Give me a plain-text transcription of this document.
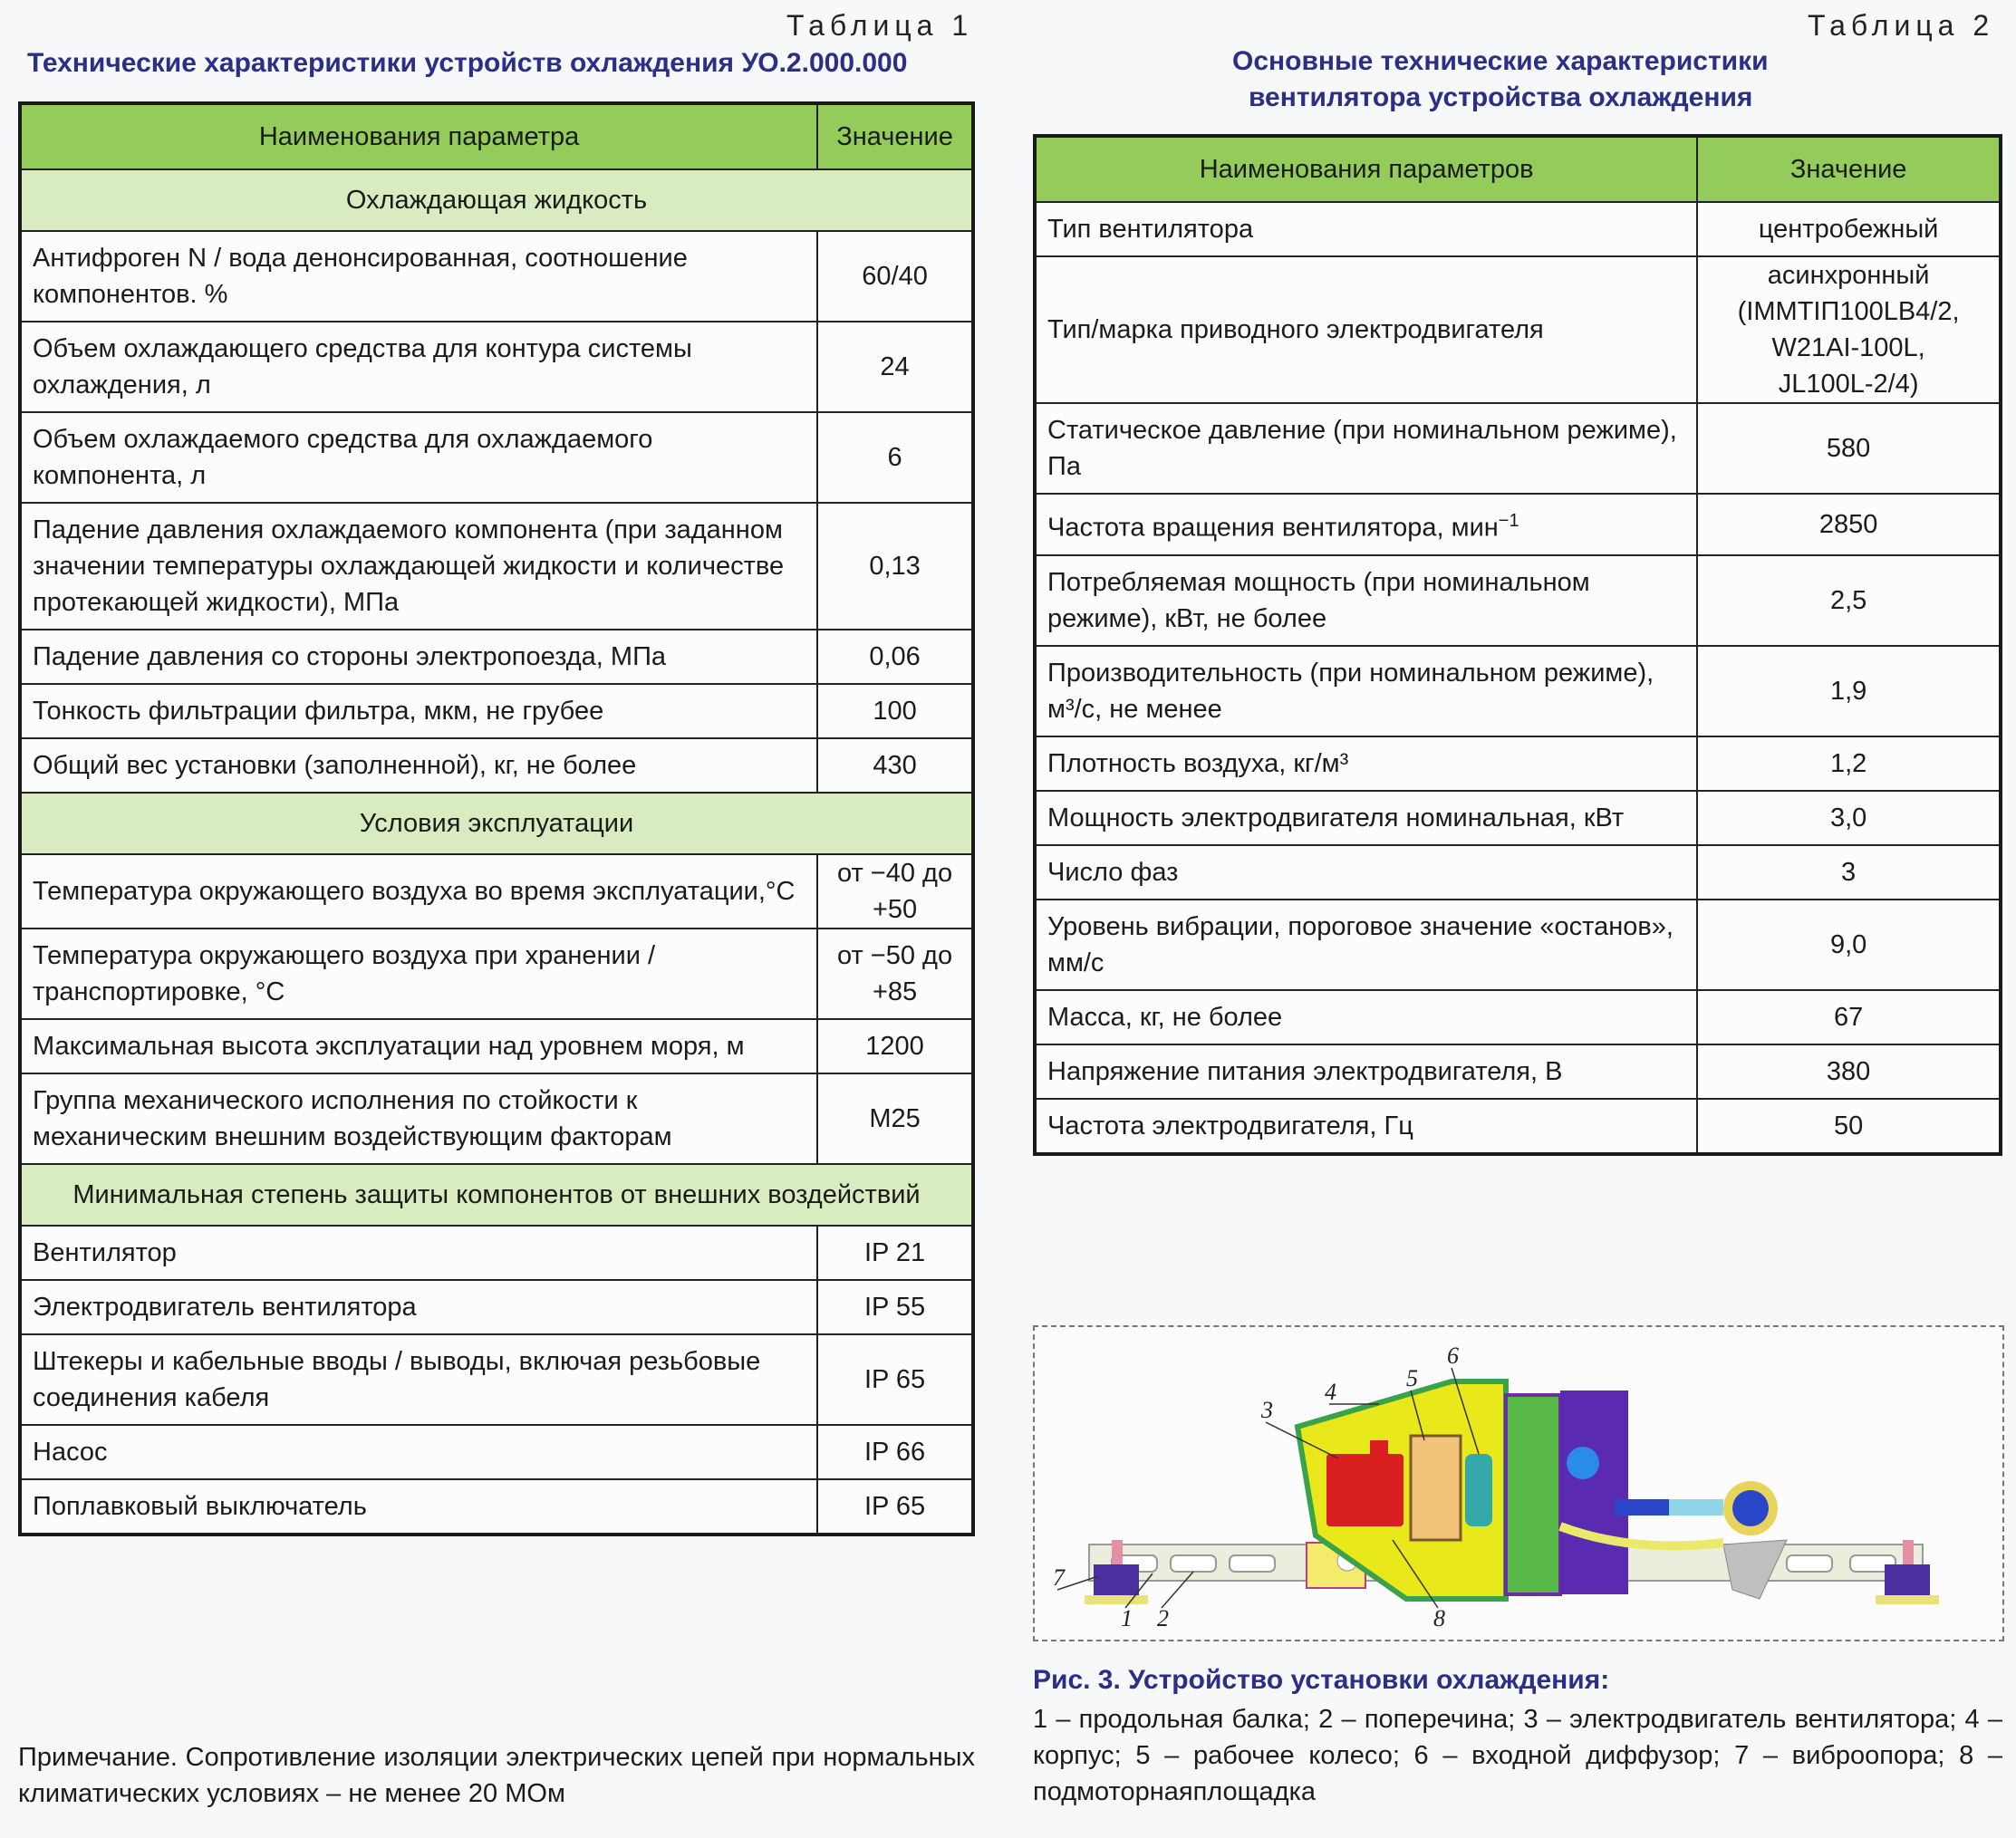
Таблица 1
Технические характеристики устройств охлаждения УО.2.000.000
Наименования параметра	Значение
Охлаждающая жидкость	
Антифроген N / вода денонсированная, соотношение компонентов. %	60/40
Объем охлаждающего средства для контура системы охлаждения, л	24
Объем охлаждаемого средства для охлаждаемого компонента, л	6
Падение давления охлаждаемого компонента (при заданном значении температуры охлаждающей жидкости и количестве протекающей жидкости), МПа	0,13
Падение давления со стороны электропоезда, МПа	0,06
Тонкость фильтрации фильтра, мкм, не грубее	100
Общий вес установки (заполненной), кг, не более	430
Условия эксплуатации	
Температура окружающего воздуха во время эксплуатации,°С	от −40 до +50
Температура окружающего воздуха при хранении / транспортировке, °С	от −50 до +85
Максимальная высота эксплуатации над уровнем моря, м	1200
Группа механического исполнения по стойкости к механическим внешним воздействующим факторам	М25
Минимальная степень защиты компонентов от внешних воздействий	
Вентилятор	IP 21
Электродвигатель вентилятора	IP 55
Штекеры и кабельные вводы / выводы, включая резьбовые соединения кабеля	IP 65
Насос	IP 66
Поплавковый выключатель	IP 65
Примечание. Сопротивление изоляции электрических цепей при нормальных климатических условиях – не менее 20 МОм
Таблица 2
Основные технические характеристики
вентилятора устройства охлаждения
Наименования параметров	Значение
Тип вентилятора	центробежный
Тип/марка приводного электродвигателя	асинхронный (IMMTIП100LB4/2, W21AI-100L, JL100L-2/4)
Статическое давление (при номинальном режиме), Па	580
Частота вращения вентилятора, мин$^{-1}$	2850
Потребляемая мощность (при номинальном режиме), кВт, не более	2,5
Производительность (при номинальном режиме), м³/с, не менее	1,9
Плотность воздуха, кг/м³	1,2
Мощность электродвигателя номинальная, кВт	3,0
Число фаз	3
Уровень вибрации, пороговое значение «останов», мм/с	9,0
Масса, кг, не более	67
Напряжение питания электродвигателя, В	380
Частота электродвигателя, Гц	50
1 2
3
4
5
6
7
8
Рис. 3. Устройство установки охлаждения:
1 – продольная балка; 2 – поперечина; 3 – электродвигатель вентилятора; 4 – корпус; 5 – рабочее колесо; 6 – входной диффузор; 7 – виброопора; 8 – подмоторнаяплощадка
